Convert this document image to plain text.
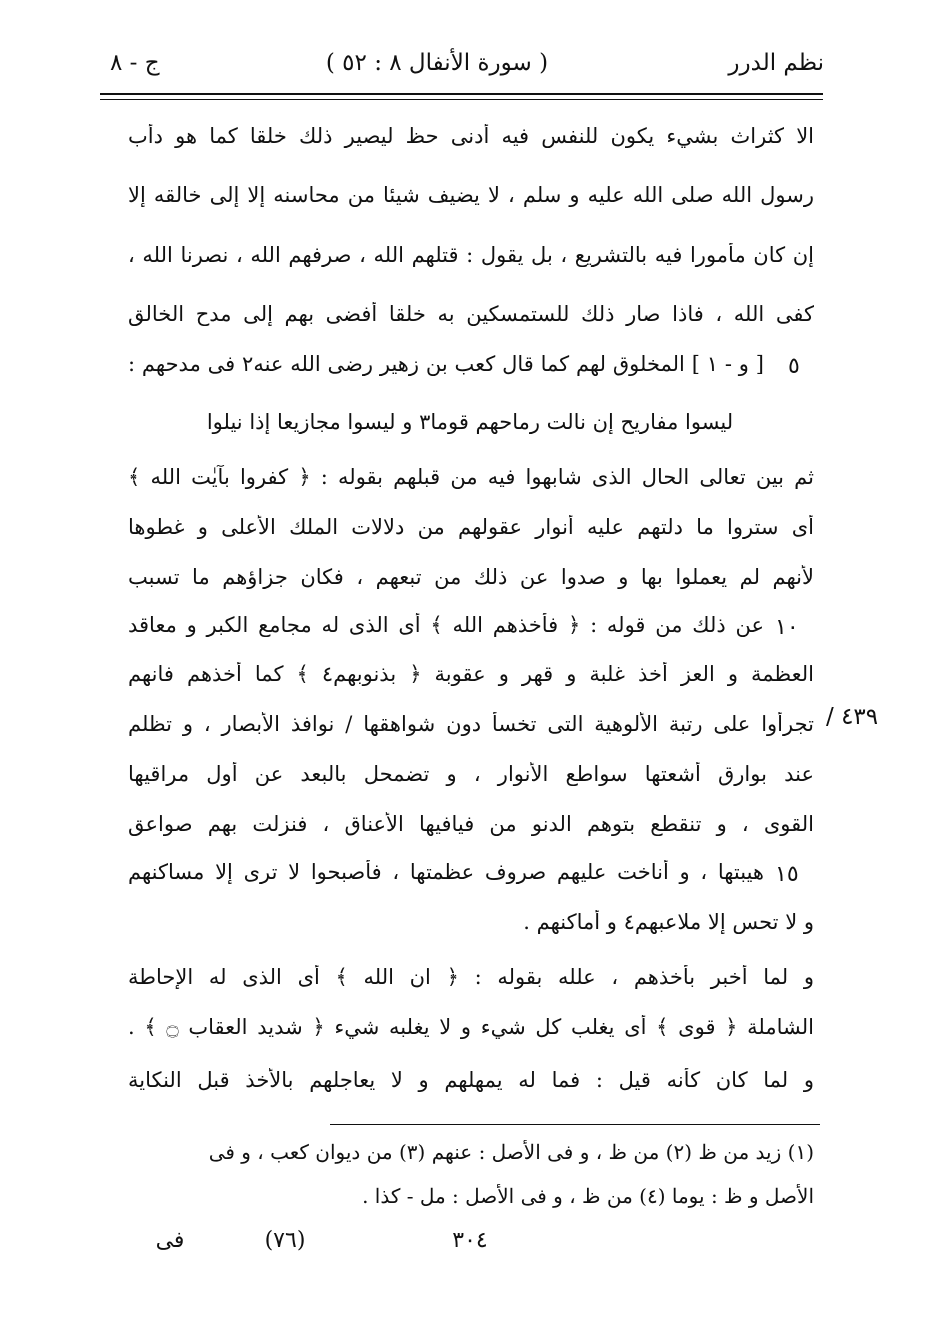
نظم الدرر
( سورة الأنفال ٨ : ٥٢ )
ج - ٨
الا كثراث بشيء يكون للنفس فيه أدنى حظ ليصير ذلك خلقا كما هو دأب
رسول الله صلى الله عليه و سلم ، لا يضيف شيئا من محاسنه إلا إلى خالقه إلا
إن كان مأمورا فيه بالتشريع ، بل يقول : قتلهم الله ، صرفهم الله ، نصرنا الله ،
كفى الله ، فاذا صار ذلك للستمسكين به خلقا أفضى بهم إلى مدح الخالق
[ و - ١ ] المخلوق لهم كما قال كعب بن زهير رضى الله عنه٢ فى مدحهم : ٥
ليسوا مفاريح إن نالت رماحهم قوما٣ و ليسوا مجازيعا إذا نيلوا
ثم بين تعالى الحال الذى شابهوا فيه من قبلهم بقوله : ﴿ كفروا بآيٰت الله ﴾
أى ستروا ما دلتهم عليه أنوار عقولهم من دلالات الملك الأعلى و غطوها
لأنهم لم يعملوا بها و صدوا عن ذلك من تبعهم ، فكان جزاؤهم ما تسبب
عن ذلك من قوله : ﴿ فأخذهم الله ﴾ أى الذى له مجامع الكبر و معاقد ١٠
العظمة و العز أخذ غلبة و قهر و عقوبة ﴿ بذنوبهم٤ ﴾ كما أخذهم فانهم
تجرأوا على رتبة الألوهية التى تخسأ دون شواهقها / نوافذ الأبصار ، و تظلم
عند بوارق أشعتها سواطع الأنوار ، و تضمحل بالبعد عن أول مراقيها
القوى ، و تنقطع بتوهم الدنو من فيافيها الأعناق ، فنزلت بهم صواعق
هيبتها ، و أناخت عليهم صروف عظمتها ، فأصبحوا لا ترى إلا مساكنهم ١٥
و لا تحس إلا ملاعبهم٤ و أماكنهم .
٤٣٩ /
و لما أخبر بأخذهم ، علله بقوله : ﴿ ان الله ﴾ أى الذى له الإحاطة
الشاملة ﴿ قوى ﴾ أى يغلب كل شيء و لا يغلبه شيء ﴿ شديد العقاب ۝ ﴾ .
و لما كان كأنه قيل : فما له يمهلهم و لا يعاجلهم بالأخذ قبل النكاية
(١) زيد من ظ (٢) من ظ ، و فى الأصل : عنهم (٣) من ديوان كعب ، و فى
الأصل و ظ : يوما (٤) من ظ ، و فى الأصل : مل - كذا .
٣٠٤
(٧٦)
فى
